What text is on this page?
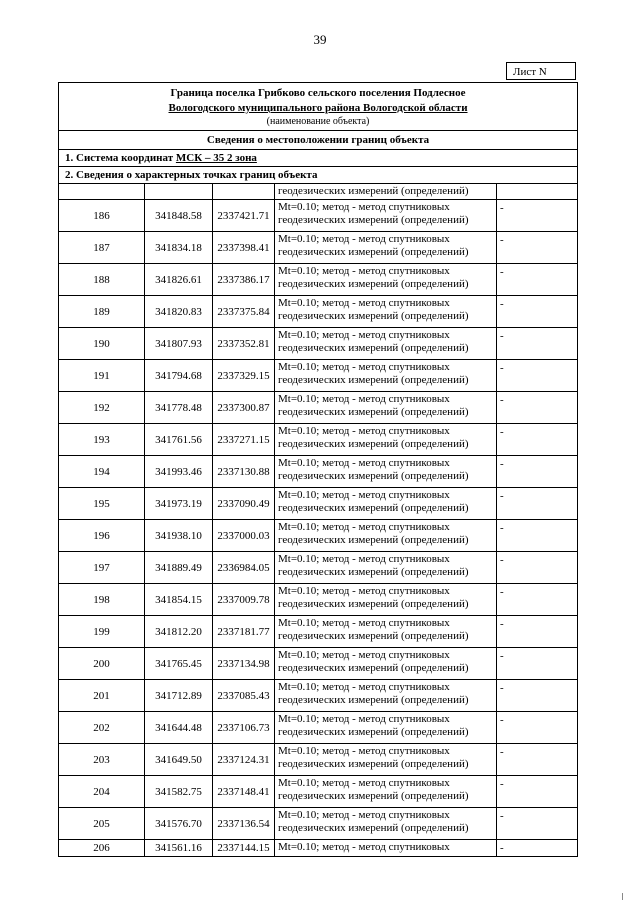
39
Лист N
Граница поселка Грибково сельского поселения Подлесное
Вологодского муниципального района Вологодской области
(наименование объекта)				

Сведения о местоположении границ объекта				
1. Система координат МСК – 35 2 зона				
2. Сведения о характерных точках границ объекта				
			геодезических измерений (определений)	
186	341848.58	2337421.71	Mt=0.10; метод - метод спутниковых
геодезических измерений (определений)	-
187	341834.18	2337398.41	Mt=0.10; метод - метод спутниковых
геодезических измерений (определений)	-
188	341826.61	2337386.17	Mt=0.10; метод - метод спутниковых
геодезических измерений (определений)	-
189	341820.83	2337375.84	Mt=0.10; метод - метод спутниковых
геодезических измерений (определений)	-
190	341807.93	2337352.81	Mt=0.10; метод - метод спутниковых
геодезических измерений (определений)	-
191	341794.68	2337329.15	Mt=0.10; метод - метод спутниковых
геодезических измерений (определений)	-
192	341778.48	2337300.87	Mt=0.10; метод - метод спутниковых
геодезических измерений (определений)	-
193	341761.56	2337271.15	Mt=0.10; метод - метод спутниковых
геодезических измерений (определений)	-
194	341993.46	2337130.88	Mt=0.10; метод - метод спутниковых
геодезических измерений (определений)	-
195	341973.19	2337090.49	Mt=0.10; метод - метод спутниковых
геодезических измерений (определений)	-
196	341938.10	2337000.03	Mt=0.10; метод - метод спутниковых
геодезических измерений (определений)	-
197	341889.49	2336984.05	Mt=0.10; метод - метод спутниковых
геодезических измерений (определений)	-
198	341854.15	2337009.78	Mt=0.10; метод - метод спутниковых
геодезических измерений (определений)	-
199	341812.20	2337181.77	Mt=0.10; метод - метод спутниковых
геодезических измерений (определений)	-
200	341765.45	2337134.98	Mt=0.10; метод - метод спутниковых
геодезических измерений (определений)	-
201	341712.89	2337085.43	Mt=0.10; метод - метод спутниковых
геодезических измерений (определений)	-
202	341644.48	2337106.73	Mt=0.10; метод - метод спутниковых
геодезических измерений (определений)	-
203	341649.50	2337124.31	Mt=0.10; метод - метод спутниковых
геодезических измерений (определений)	-
204	341582.75	2337148.41	Mt=0.10; метод - метод спутниковых
геодезических измерений (определений)	-
205	341576.70	2337136.54	Mt=0.10; метод - метод спутниковых
геодезических измерений (определений)	-
206	341561.16	2337144.15	Mt=0.10; метод - метод спутниковых	-
